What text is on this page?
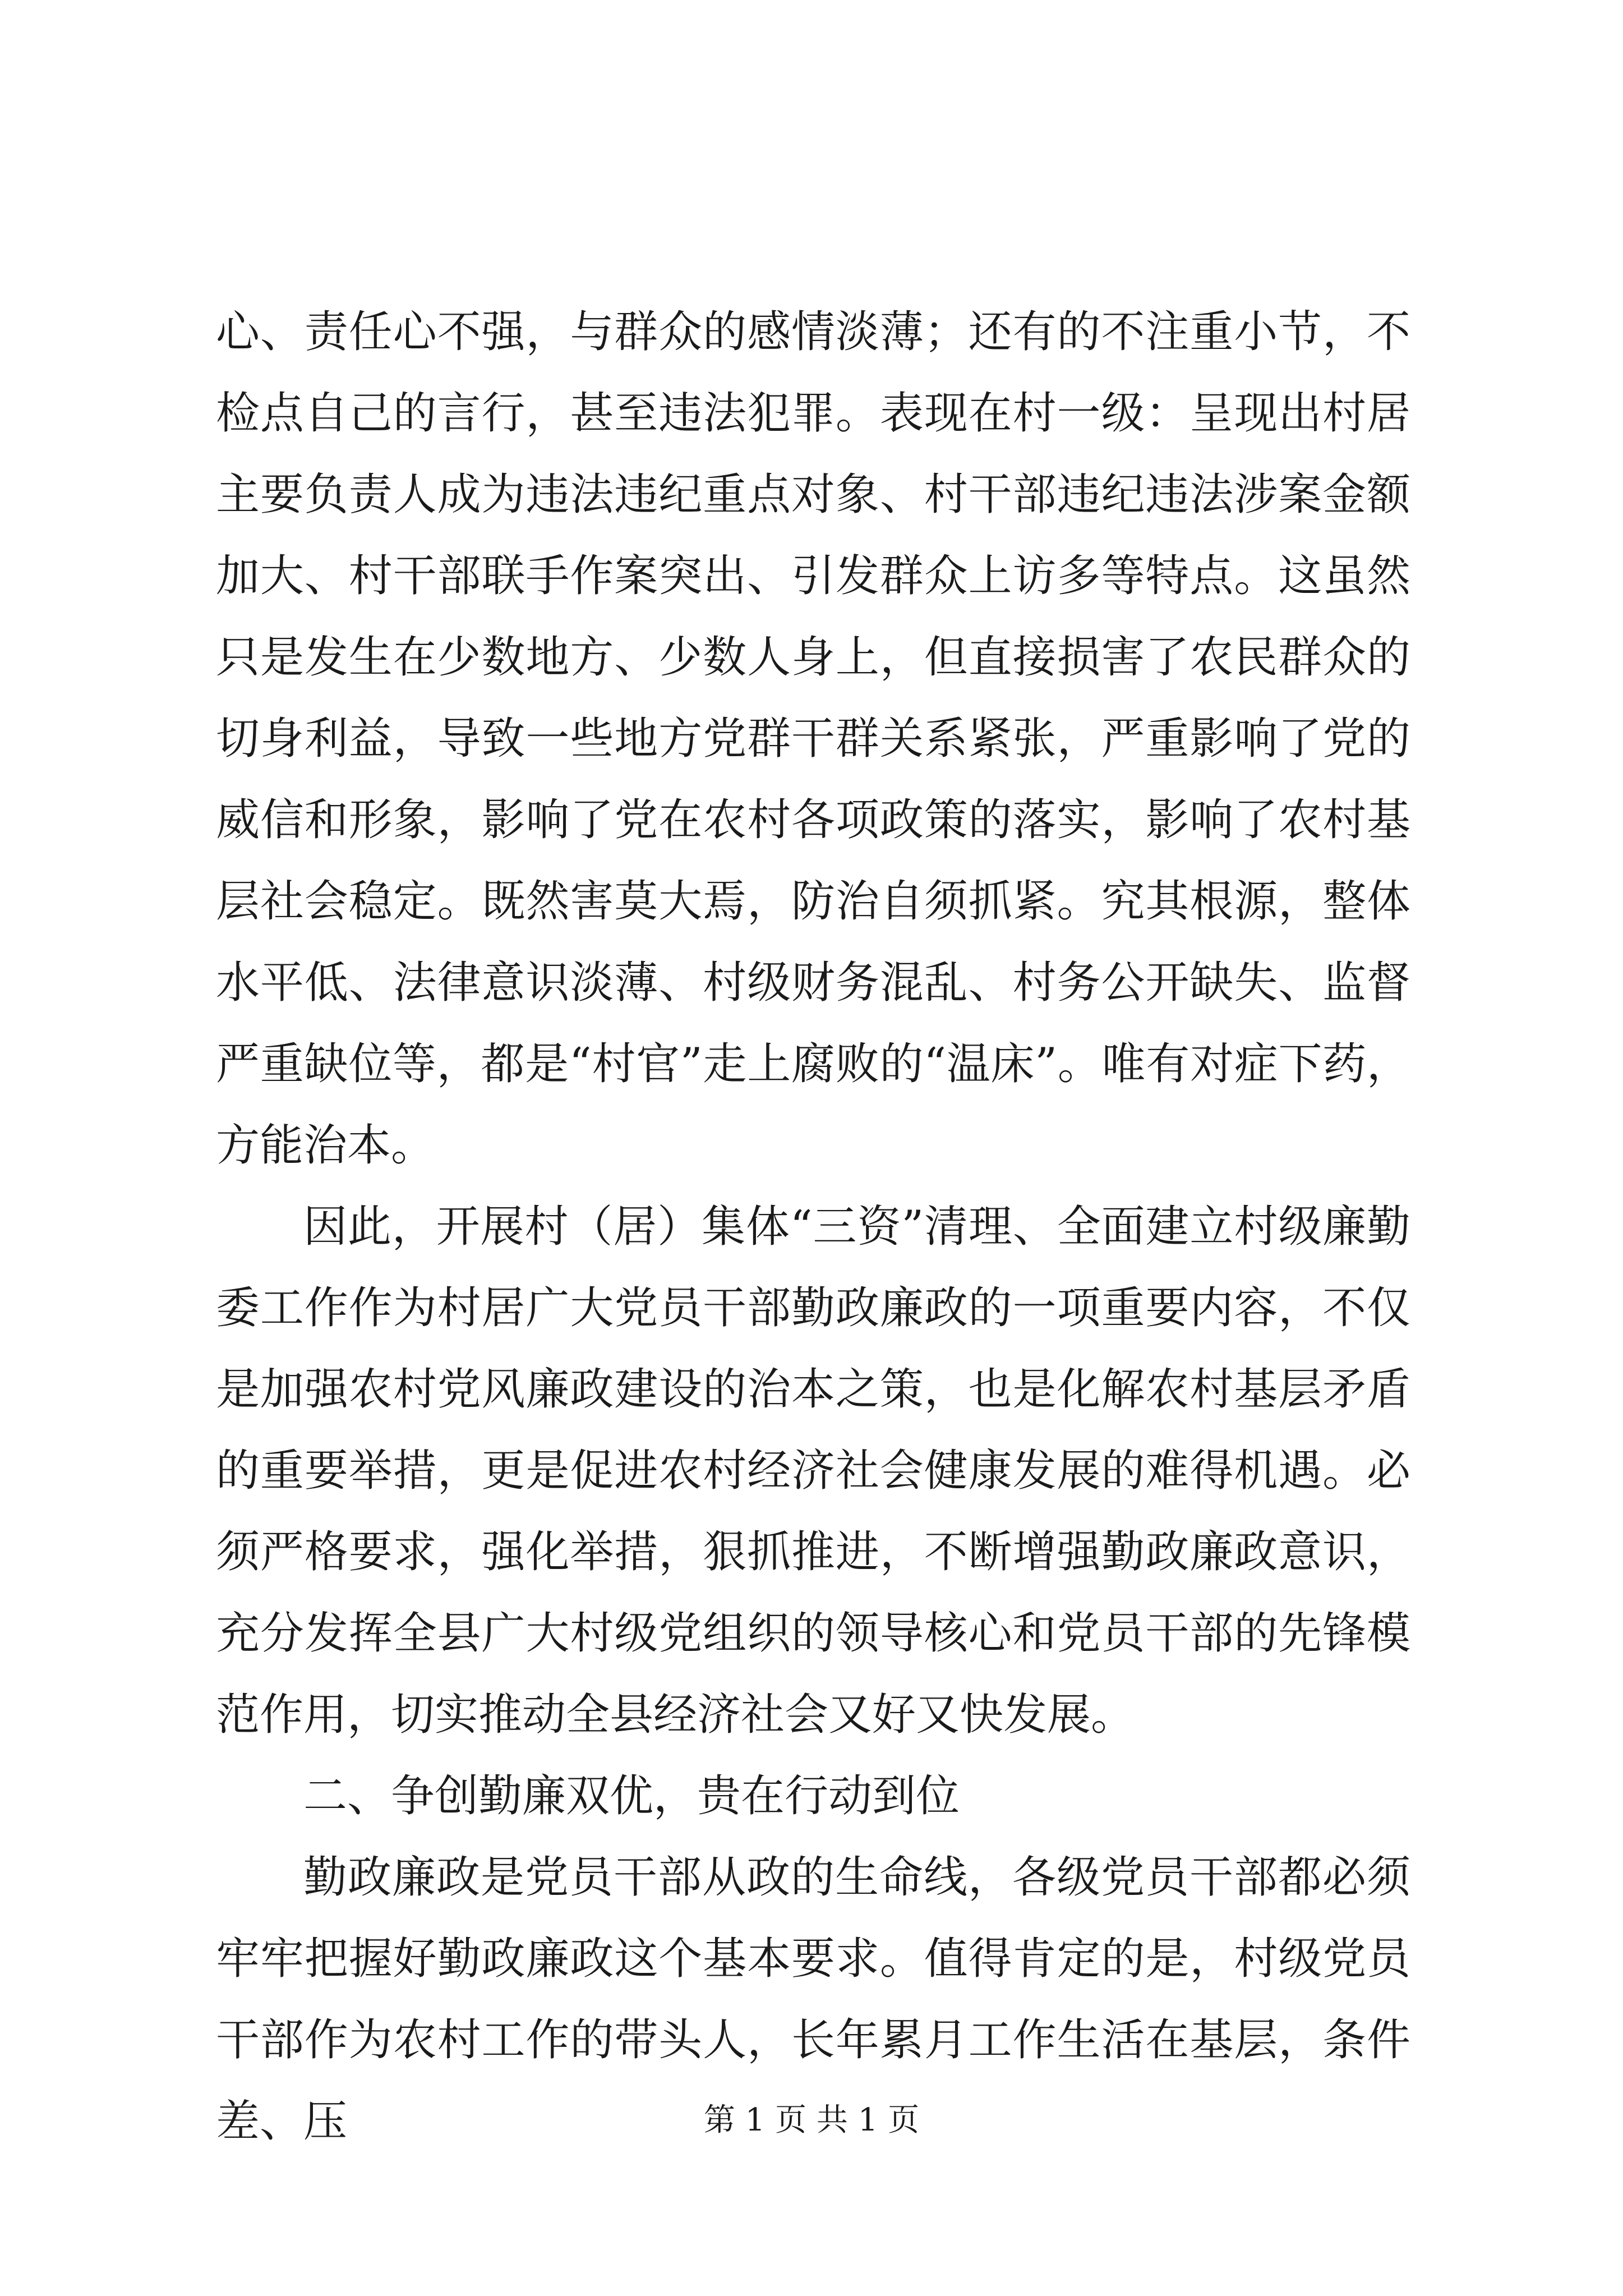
心、责任心不强，与群众的感情淡薄；还有的不注重小节，不检点自己的言行，甚至违法犯罪。表现在村一级：呈现出村居主要负责人成为违法违纪重点对象、村干部违纪违法涉案金额加大、村干部联手作案突出、引发群众上访多等特点。这虽然只是发生在少数地方、少数人身上，但直接损害了农民群众的切身利益，导致一些地方党群干群关系紧张，严重影响了党的威信和形象，影响了党在农村各项政策的落实，影响了农村基层社会稳定。既然害莫大焉，防治自须抓紧。究其根源，整体水平低、法律意识淡薄、村级财务混乱、村务公开缺失、监督严重缺位等，都是“村官”走上腐败的“温床”。唯有对症下药，方能治本。

因此，开展村（居）集体“三资”清理、全面建立村级廉勤委工作作为村居广大党员干部勤政廉政的一项重要内容，不仅是加强农村党风廉政建设的治本之策，也是化解农村基层矛盾的重要举措，更是促进农村经济社会健康发展的难得机遇。必须严格要求，强化举措，狠抓推进，不断增强勤政廉政意识，充分发挥全县广大村级党组织的领导核心和党员干部的先锋模范作用，切实推动全县经济社会又好又快发展。

二、争创勤廉双优，贵在行动到位

勤政廉政是党员干部从政的生命线，各级党员干部都必须牢牢把握好勤政廉政这个基本要求。值得肯定的是，村级党员干部作为农村工作的带头人，长年累月工作生活在基层，条件差、压	第 1 页 共 1 页
